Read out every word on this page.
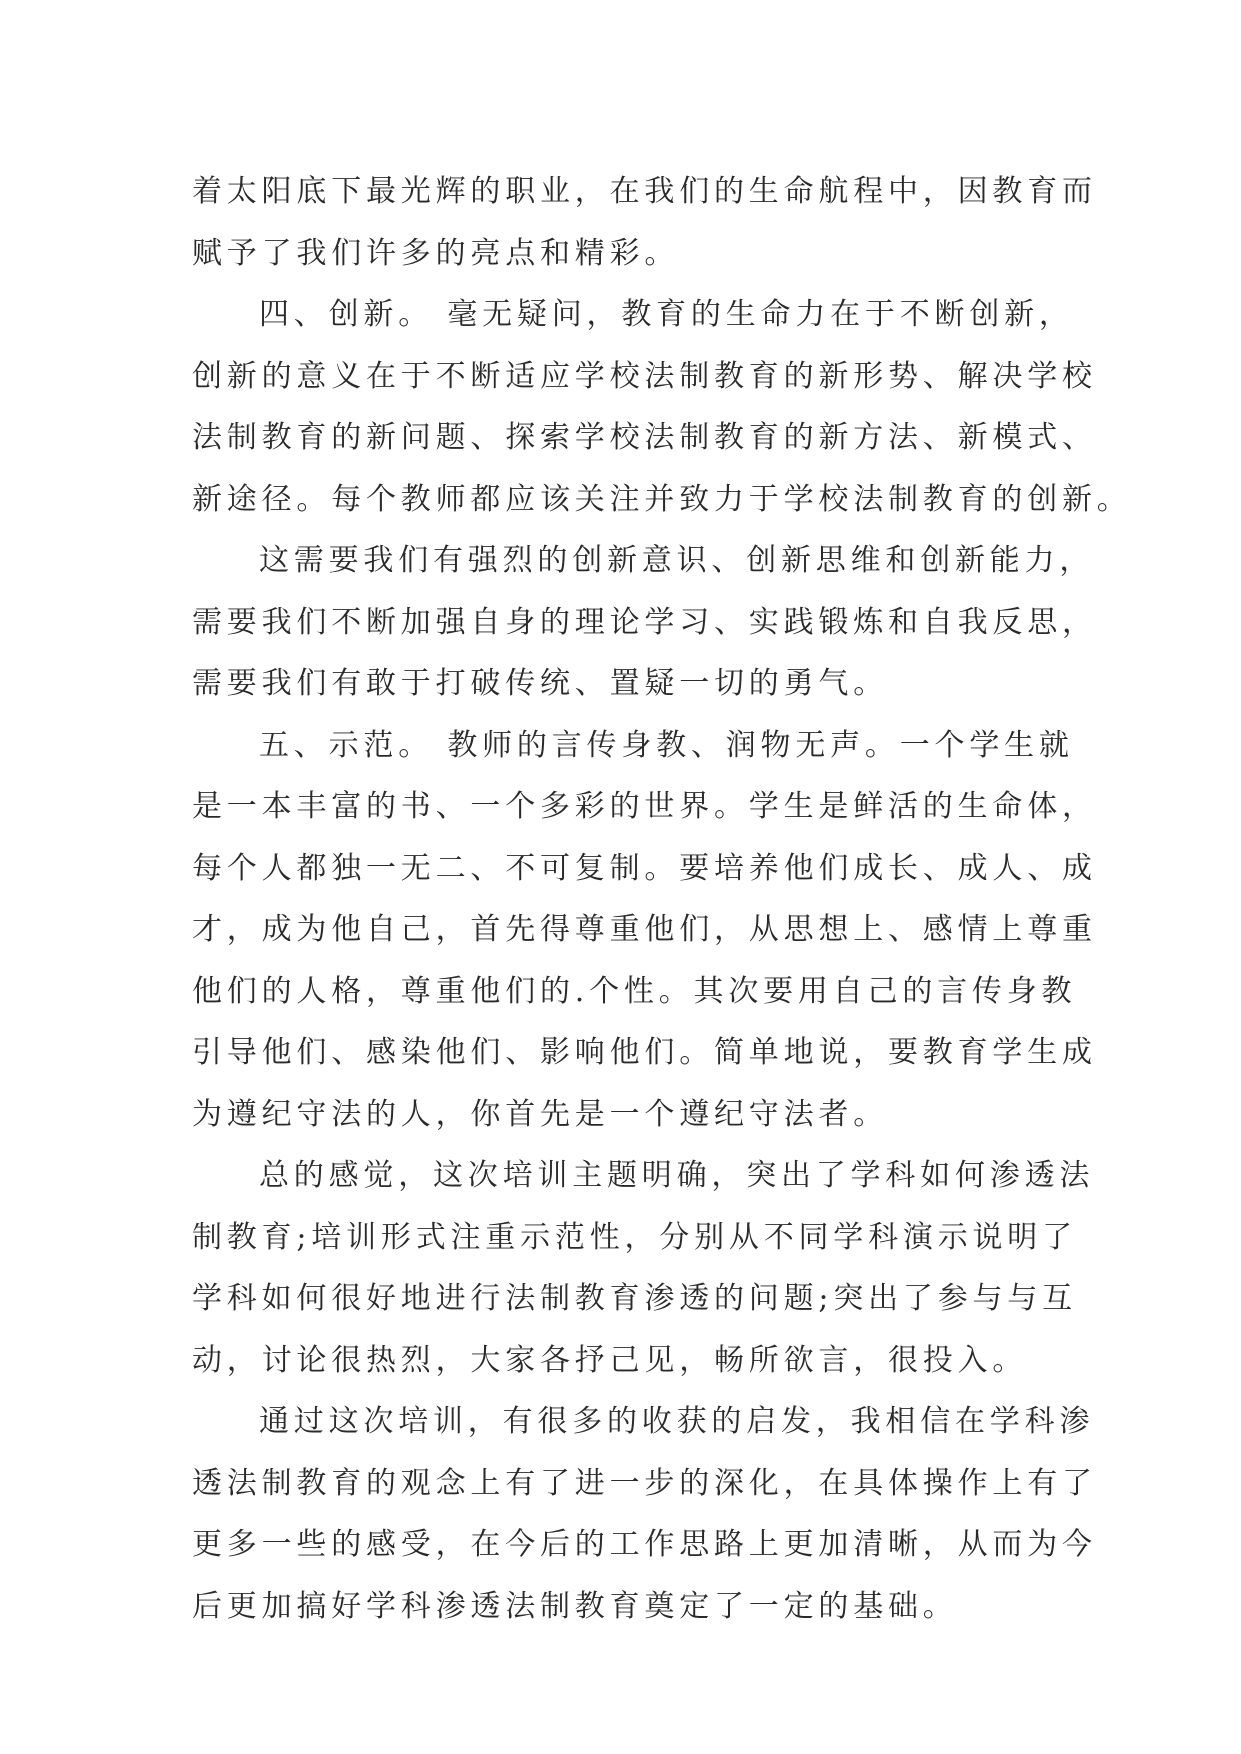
着太阳底下最光辉的职业，在我们的生命航程中，因教育而
赋予了我们许多的亮点和精彩。
四、创新。 毫无疑问，教育的生命力在于不断创新，
创新的意义在于不断适应学校法制教育的新形势、解决学校
法制教育的新问题、探索学校法制教育的新方法、新模式、
新途径。每个教师都应该关注并致力于学校法制教育的创新。
这需要我们有强烈的创新意识、创新思维和创新能力，
需要我们不断加强自身的理论学习、实践锻炼和自我反思，
需要我们有敢于打破传统、置疑一切的勇气。
五、示范。 教师的言传身教、润物无声。一个学生就
是一本丰富的书、一个多彩的世界。学生是鲜活的生命体，
每个人都独一无二、不可复制。要培养他们成长、成人、成
才，成为他自己，首先得尊重他们，从思想上、感情上尊重
他们的人格，尊重他们的.个性。其次要用自己的言传身教
引导他们、感染他们、影响他们。简单地说，要教育学生成
为遵纪守法的人，你首先是一个遵纪守法者。
总的感觉，这次培训主题明确，突出了学科如何渗透法
制教育;培训形式注重示范性，分别从不同学科演示说明了
学科如何很好地进行法制教育渗透的问题;突出了参与与互
动，讨论很热烈，大家各抒己见，畅所欲言，很投入。
通过这次培训，有很多的收获的启发，我相信在学科渗
透法制教育的观念上有了进一步的深化，在具体操作上有了
更多一些的感受，在今后的工作思路上更加清晰，从而为今
后更加搞好学科渗透法制教育奠定了一定的基础。
